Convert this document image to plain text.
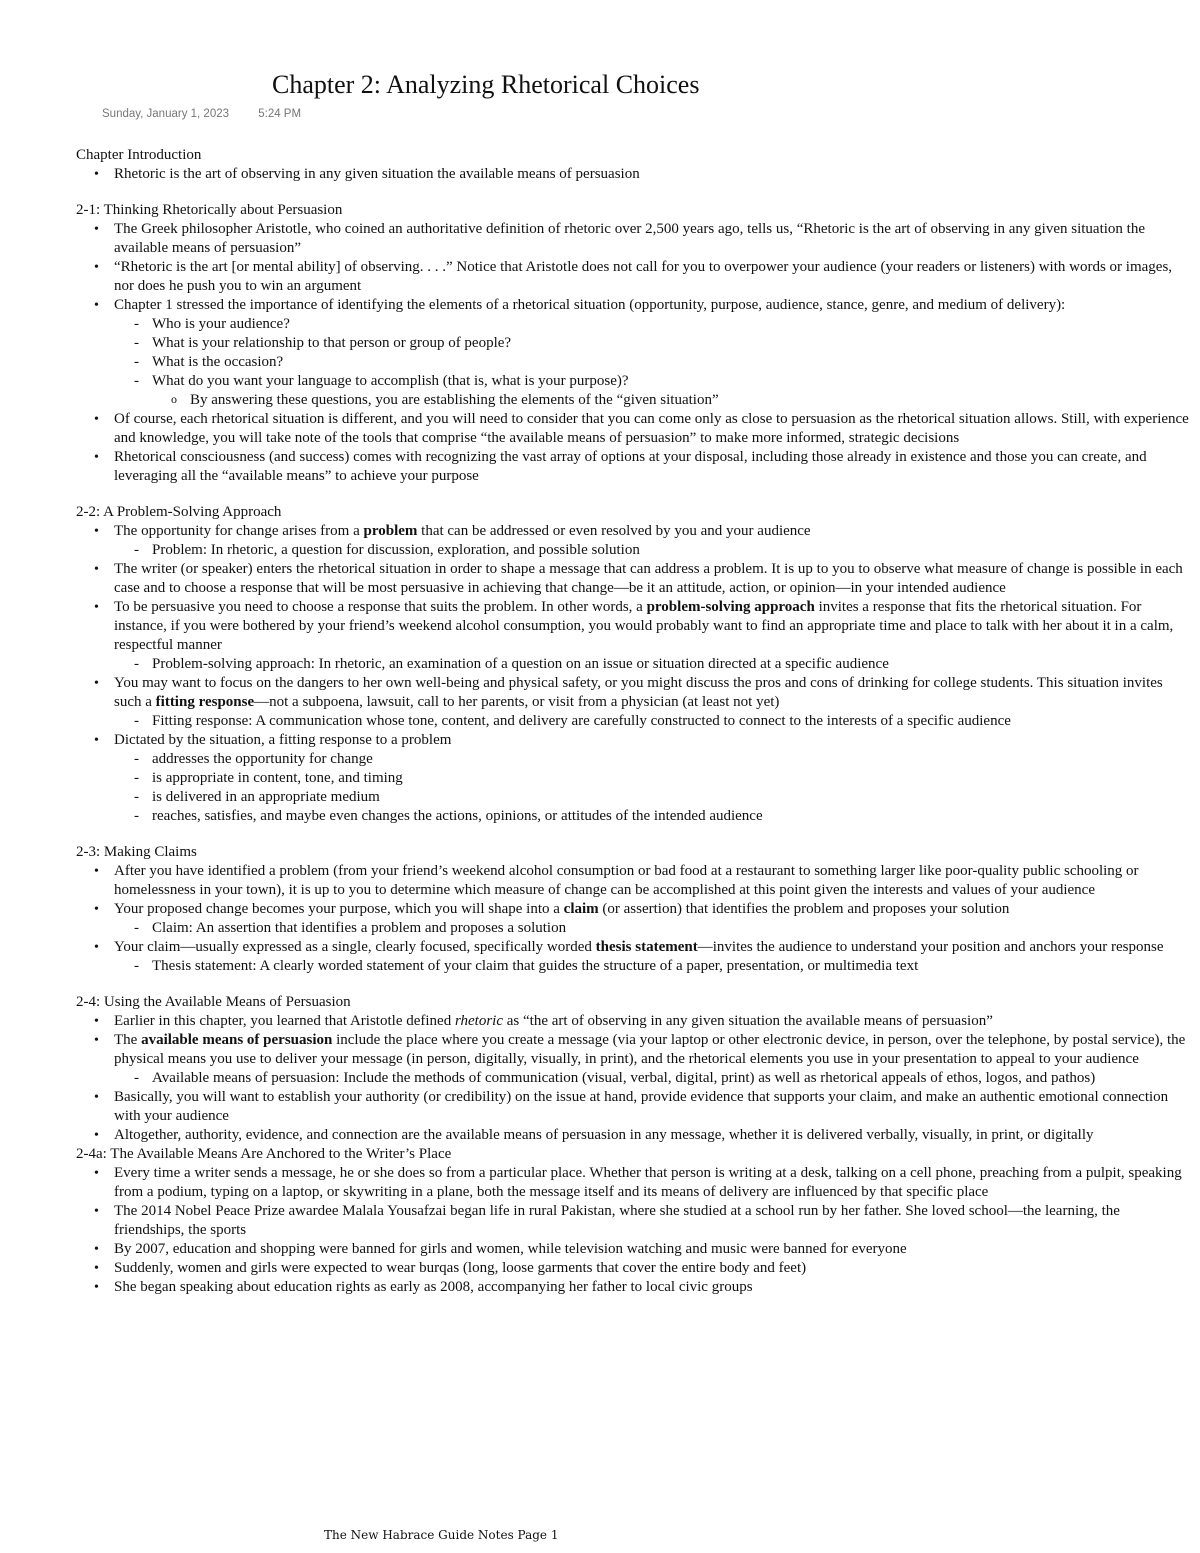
Chapter 2: Analyzing Rhetorical Choices
Sunday, January 1, 2023	5:24 PM
Chapter Introduction
• Rhetoric is the art of observing in any given situation the available means of persuasion
2-1: Thinking Rhetorically about Persuasion
• The Greek philosopher Aristotle, who coined an authoritative definition of rhetoric over 2,500 years ago, tells us, “Rhetoric is the art of observing in any given situation the available means of persuasion”
• “Rhetoric is the art [or mental ability] of observing. . . .” Notice that Aristotle does not call for you to overpower your audience (your readers or listeners) with words or images, nor does he push you to win an argument
• Chapter 1 stressed the importance of identifying the elements of a rhetorical situation (opportunity, purpose, audience, stance, genre, and medium of delivery):
- Who is your audience?
- What is your relationship to that person or group of people?
- What is the occasion?
- What do you want your language to accomplish (that is, what is your purpose)?
o By answering these questions, you are establishing the elements of the “given situation”
• Of course, each rhetorical situation is different, and you will need to consider that you can come only as close to persuasion as the rhetorical situation allows. Still, with experience and knowledge, you will take note of the tools that comprise “the available means of persuasion” to make more informed, strategic decisions
• Rhetorical consciousness (and success) comes with recognizing the vast array of options at your disposal, including those already in existence and those you can create, and leveraging all the “available means” to achieve your purpose
2-2: A Problem-Solving Approach
• The opportunity for change arises from a problem that can be addressed or even resolved by you and your audience
- Problem: In rhetoric, a question for discussion, exploration, and possible solution
• The writer (or speaker) enters the rhetorical situation in order to shape a message that can address a problem. It is up to you to observe what measure of change is possible in each case and to choose a response that will be most persuasive in achieving that change—be it an attitude, action, or opinion—in your intended audience
• To be persuasive you need to choose a response that suits the problem. In other words, a problem-solving approach invites a response that fits the rhetorical situation. For instance, if you were bothered by your friend’s weekend alcohol consumption, you would probably want to find an appropriate time and place to talk with her about it in a calm, respectful manner
- Problem-solving approach: In rhetoric, an examination of a question on an issue or situation directed at a specific audience
• You may want to focus on the dangers to her own well-being and physical safety, or you might discuss the pros and cons of drinking for college students. This situation invites such a fitting response—not a subpoena, lawsuit, call to her parents, or visit from a physician (at least not yet)
- Fitting response: A communication whose tone, content, and delivery are carefully constructed to connect to the interests of a specific audience
• Dictated by the situation, a fitting response to a problem
- addresses the opportunity for change
- is appropriate in content, tone, and timing
- is delivered in an appropriate medium
- reaches, satisfies, and maybe even changes the actions, opinions, or attitudes of the intended audience
2-3: Making Claims
• After you have identified a problem (from your friend’s weekend alcohol consumption or bad food at a restaurant to something larger like poor-quality public schooling or homelessness in your town), it is up to you to determine which measure of change can be accomplished at this point given the interests and values of your audience
• Your proposed change becomes your purpose, which you will shape into a claim (or assertion) that identifies the problem and proposes your solution
- Claim: An assertion that identifies a problem and proposes a solution
• Your claim—usually expressed as a single, clearly focused, specifically worded thesis statement—invites the audience to understand your position and anchors your response
- Thesis statement: A clearly worded statement of your claim that guides the structure of a paper, presentation, or multimedia text
2-4: Using the Available Means of Persuasion
• Earlier in this chapter, you learned that Aristotle defined rhetoric as “the art of observing in any given situation the available means of persuasion”
• The available means of persuasion include the place where you create a message (via your laptop or other electronic device, in person, over the telephone, by postal service), the physical means you use to deliver your message (in person, digitally, visually, in print), and the rhetorical elements you use in your presentation to appeal to your audience
- Available means of persuasion: Include the methods of communication (visual, verbal, digital, print) as well as rhetorical appeals of ethos, logos, and pathos)
• Basically, you will want to establish your authority (or credibility) on the issue at hand, provide evidence that supports your claim, and make an authentic emotional connection with your audience
• Altogether, authority, evidence, and connection are the available means of persuasion in any message, whether it is delivered verbally, visually, in print, or digitally
2-4a: The Available Means Are Anchored to the Writer’s Place
• Every time a writer sends a message, he or she does so from a particular place. Whether that person is writing at a desk, talking on a cell phone, preaching from a pulpit, speaking from a podium, typing on a laptop, or skywriting in a plane, both the message itself and its means of delivery are influenced by that specific place
• The 2014 Nobel Peace Prize awardee Malala Yousafzai began life in rural Pakistan, where she studied at a school run by her father. She loved school—the learning, the friendships, the sports
• By 2007, education and shopping were banned for girls and women, while television watching and music were banned for everyone
• Suddenly, women and girls were expected to wear burqas (long, loose garments that cover the entire body and feet)
• She began speaking about education rights as early as 2008, accompanying her father to local civic groups
The New Habrace Guide Notes Page 1
